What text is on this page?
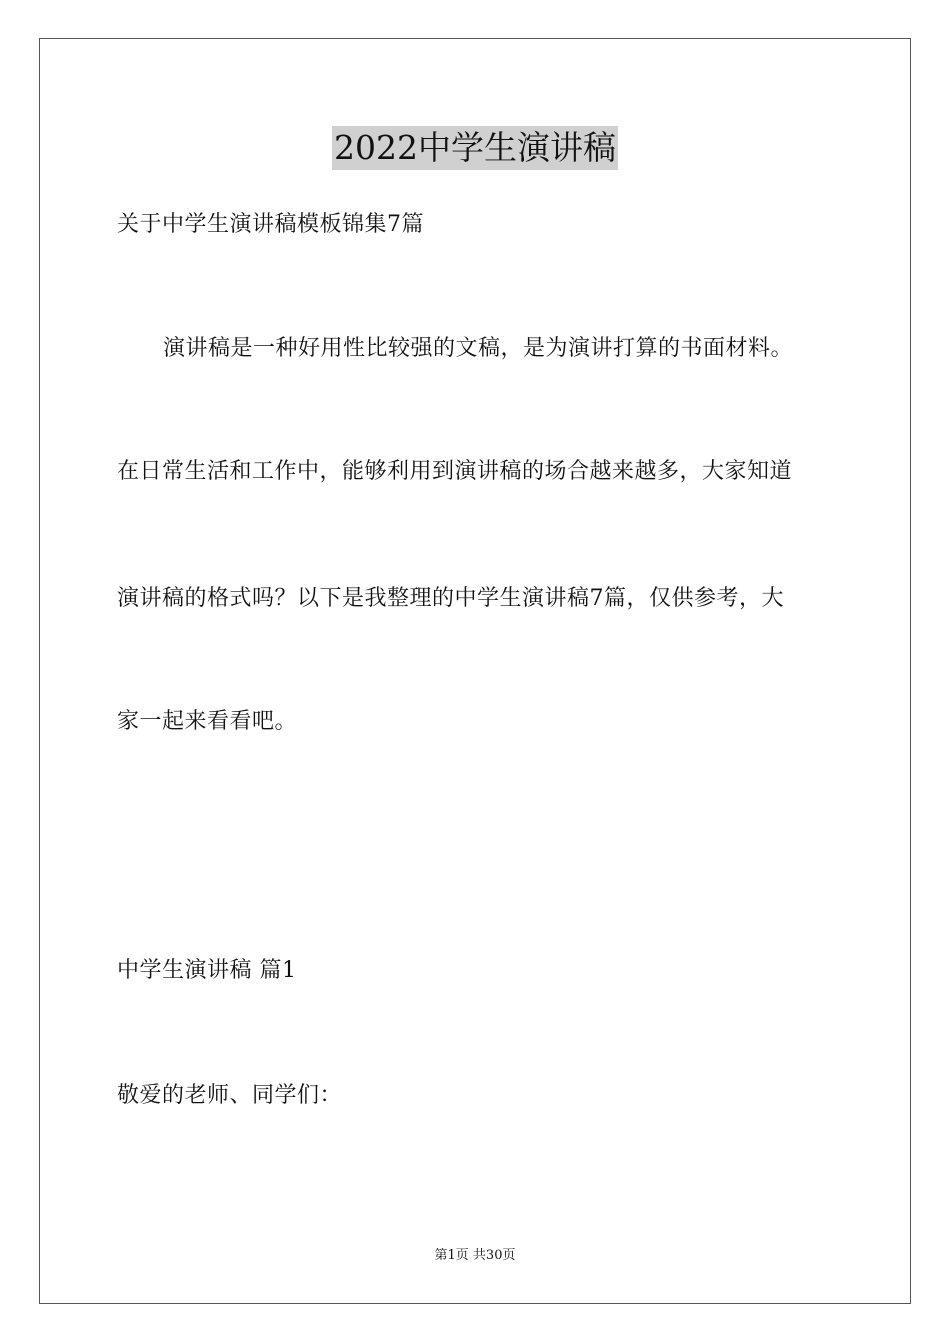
2022中学生演讲稿
关于中学生演讲稿模板锦集7篇
演讲稿是一种好用性比较强的文稿，是为演讲打算的书面材料。
在日常生活和工作中，能够利用到演讲稿的场合越来越多，大家知道
演讲稿的格式吗？以下是我整理的中学生演讲稿7篇，仅供参考，大
家一起来看看吧。
中学生演讲稿 篇1
敬爱的老师、同学们：
第1页 共30页
